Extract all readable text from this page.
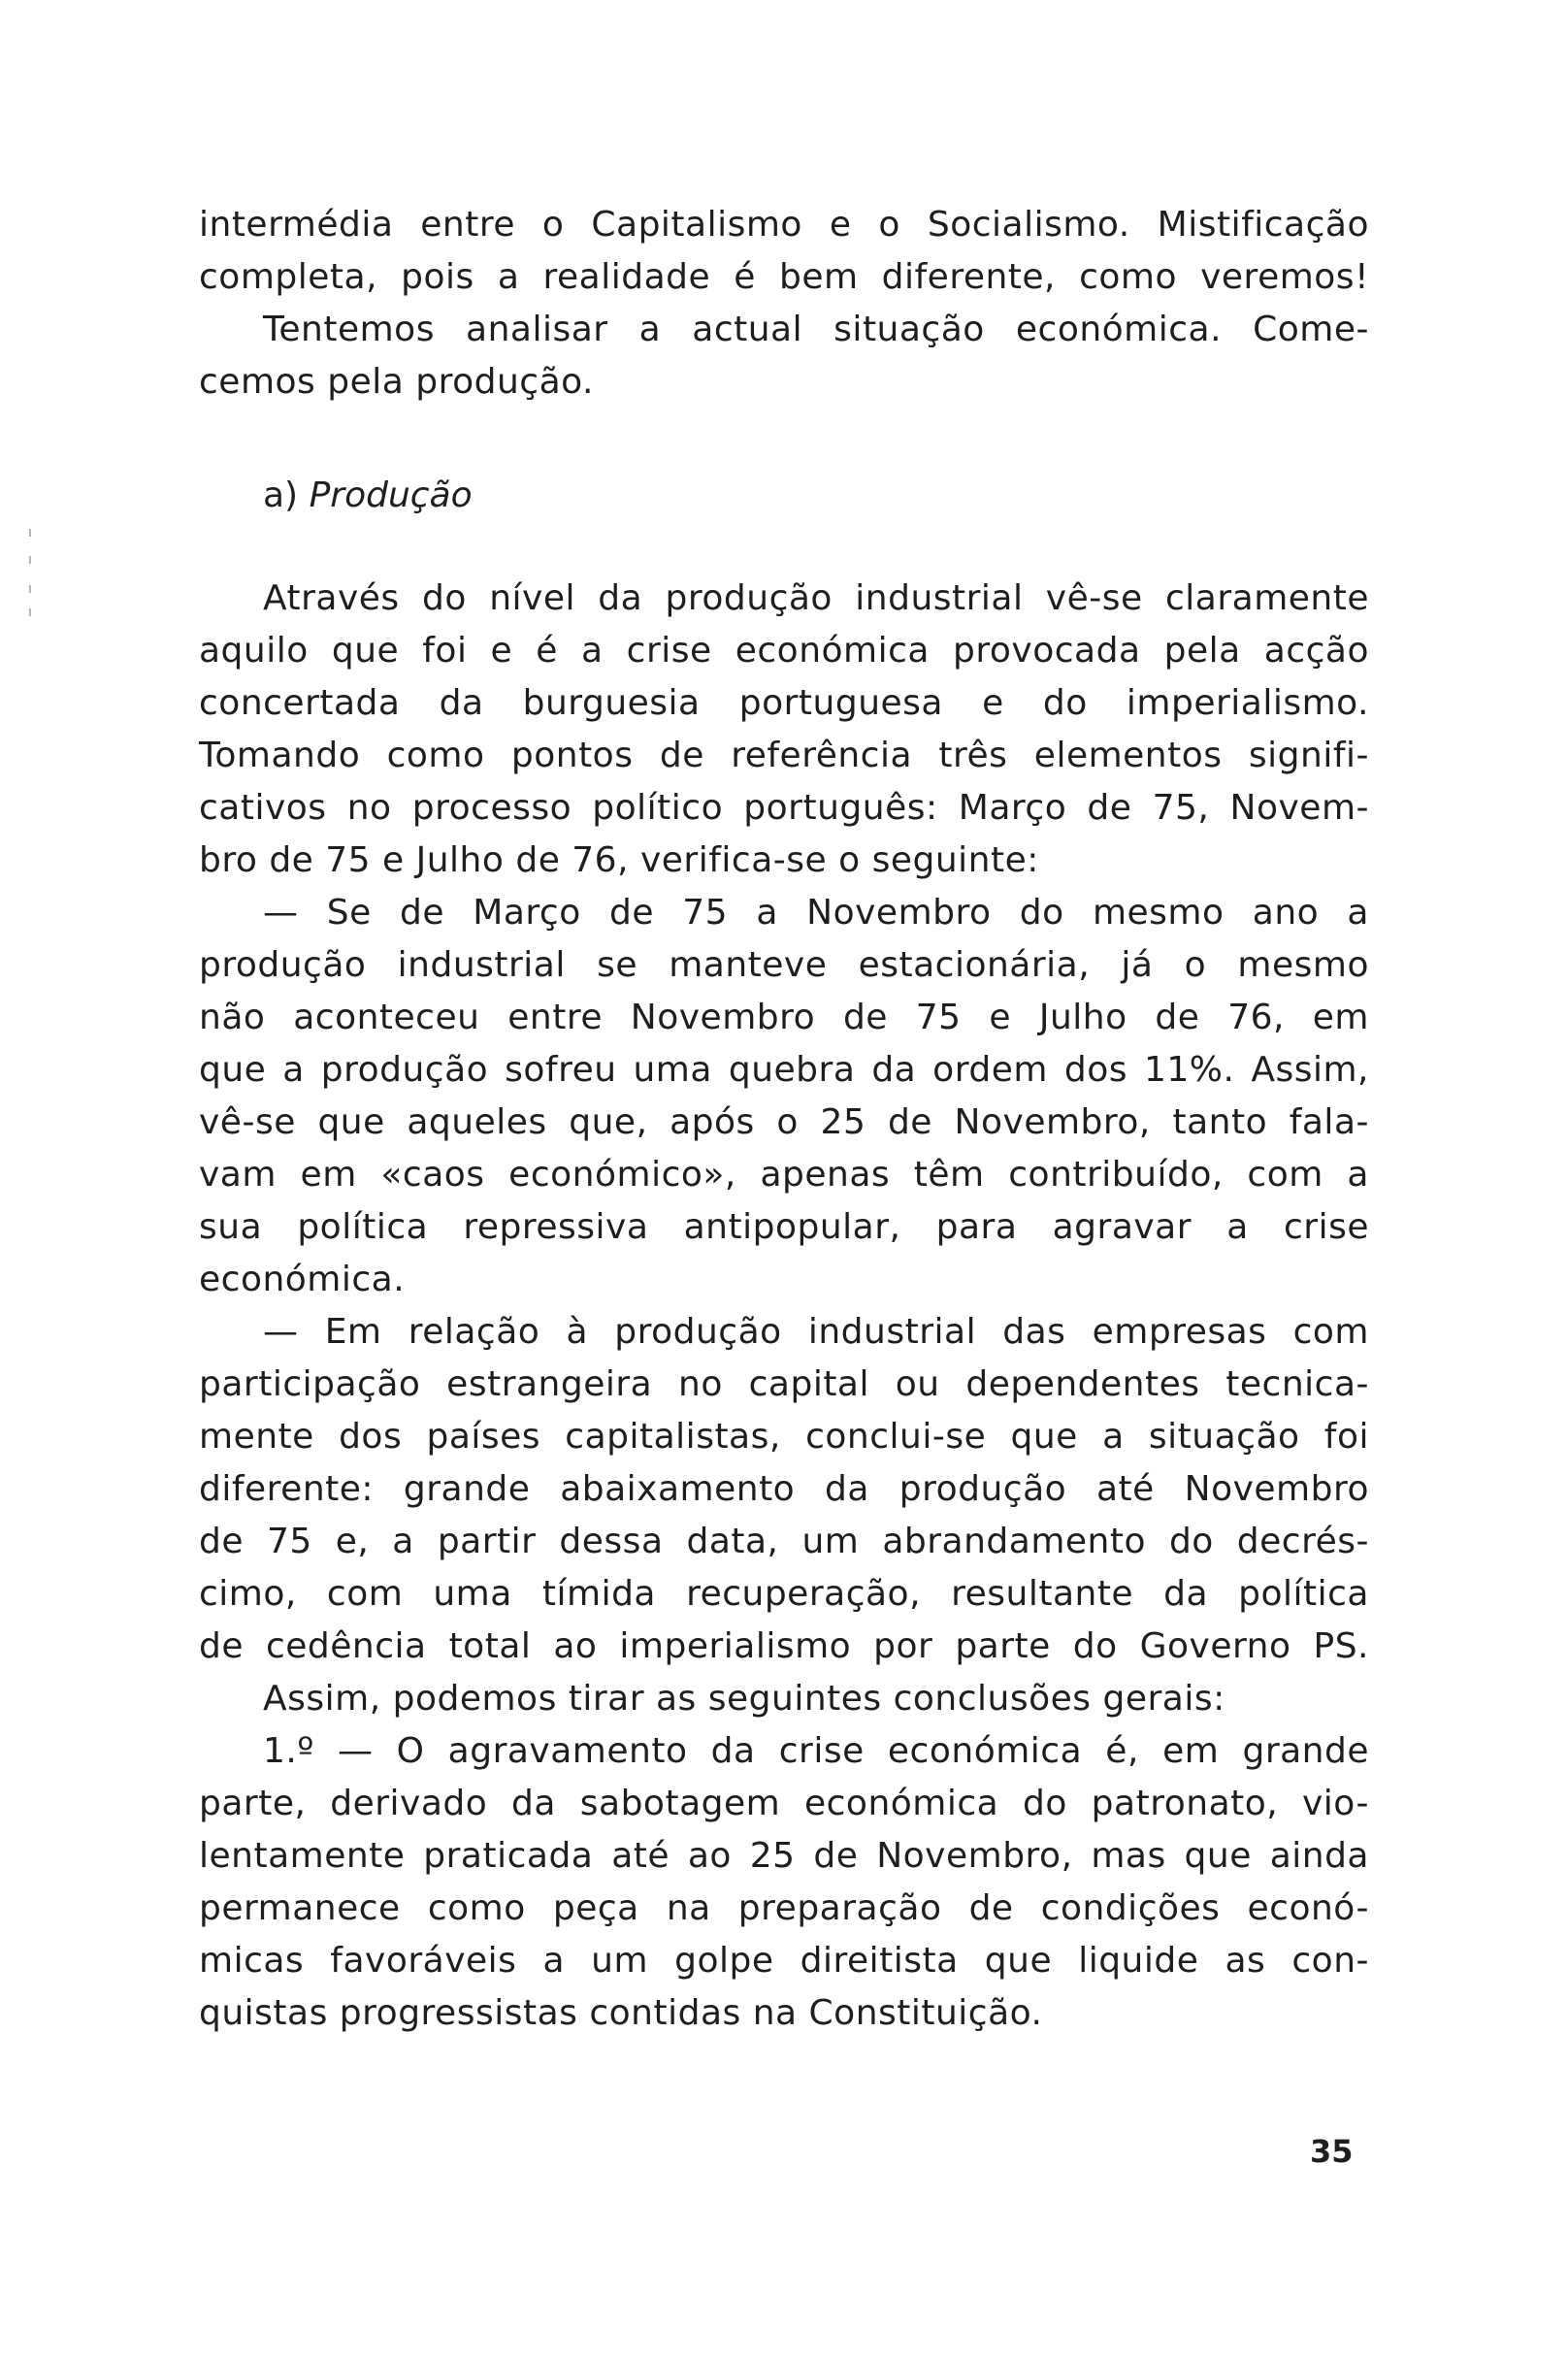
intermédia entre o Capitalismo e o Socialismo. Mistificação
completa, pois a realidade é bem diferente, como veremos!
Tentemos analisar a actual situação económica. Come-
cemos pela produção.
a) Produção
Através do nível da produção industrial vê-se claramente
aquilo que foi e é a crise económica provocada pela acção
concertada da burguesia portuguesa e do imperialismo.
Tomando como pontos de referência três elementos signifi-
cativos no processo político português: Março de 75, Novem-
bro de 75 e Julho de 76, verifica-se o seguinte:
— Se de Março de 75 a Novembro do mesmo ano a
produção industrial se manteve estacionária, já o mesmo
não aconteceu entre Novembro de 75 e Julho de 76, em
que a produção sofreu uma quebra da ordem dos 11%. Assim,
vê-se que aqueles que, após o 25 de Novembro, tanto fala-
vam em «caos económico», apenas têm contribuído, com a
sua política repressiva antipopular, para agravar a crise
económica.
— Em relação à produção industrial das empresas com
participação estrangeira no capital ou dependentes tecnica-
mente dos países capitalistas, conclui-se que a situação foi
diferente: grande abaixamento da produção até Novembro
de 75 e, a partir dessa data, um abrandamento do decrés-
cimo, com uma tímida recuperação, resultante da política
de cedência total ao imperialismo por parte do Governo PS.
Assim, podemos tirar as seguintes conclusões gerais:
1.º — O agravamento da crise económica é, em grande
parte, derivado da sabotagem económica do patronato, vio-
lentamente praticada até ao 25 de Novembro, mas que ainda
permanece como peça na preparação de condições econó-
micas favoráveis a um golpe direitista que liquide as con-
quistas progressistas contidas na Constituição.
35
